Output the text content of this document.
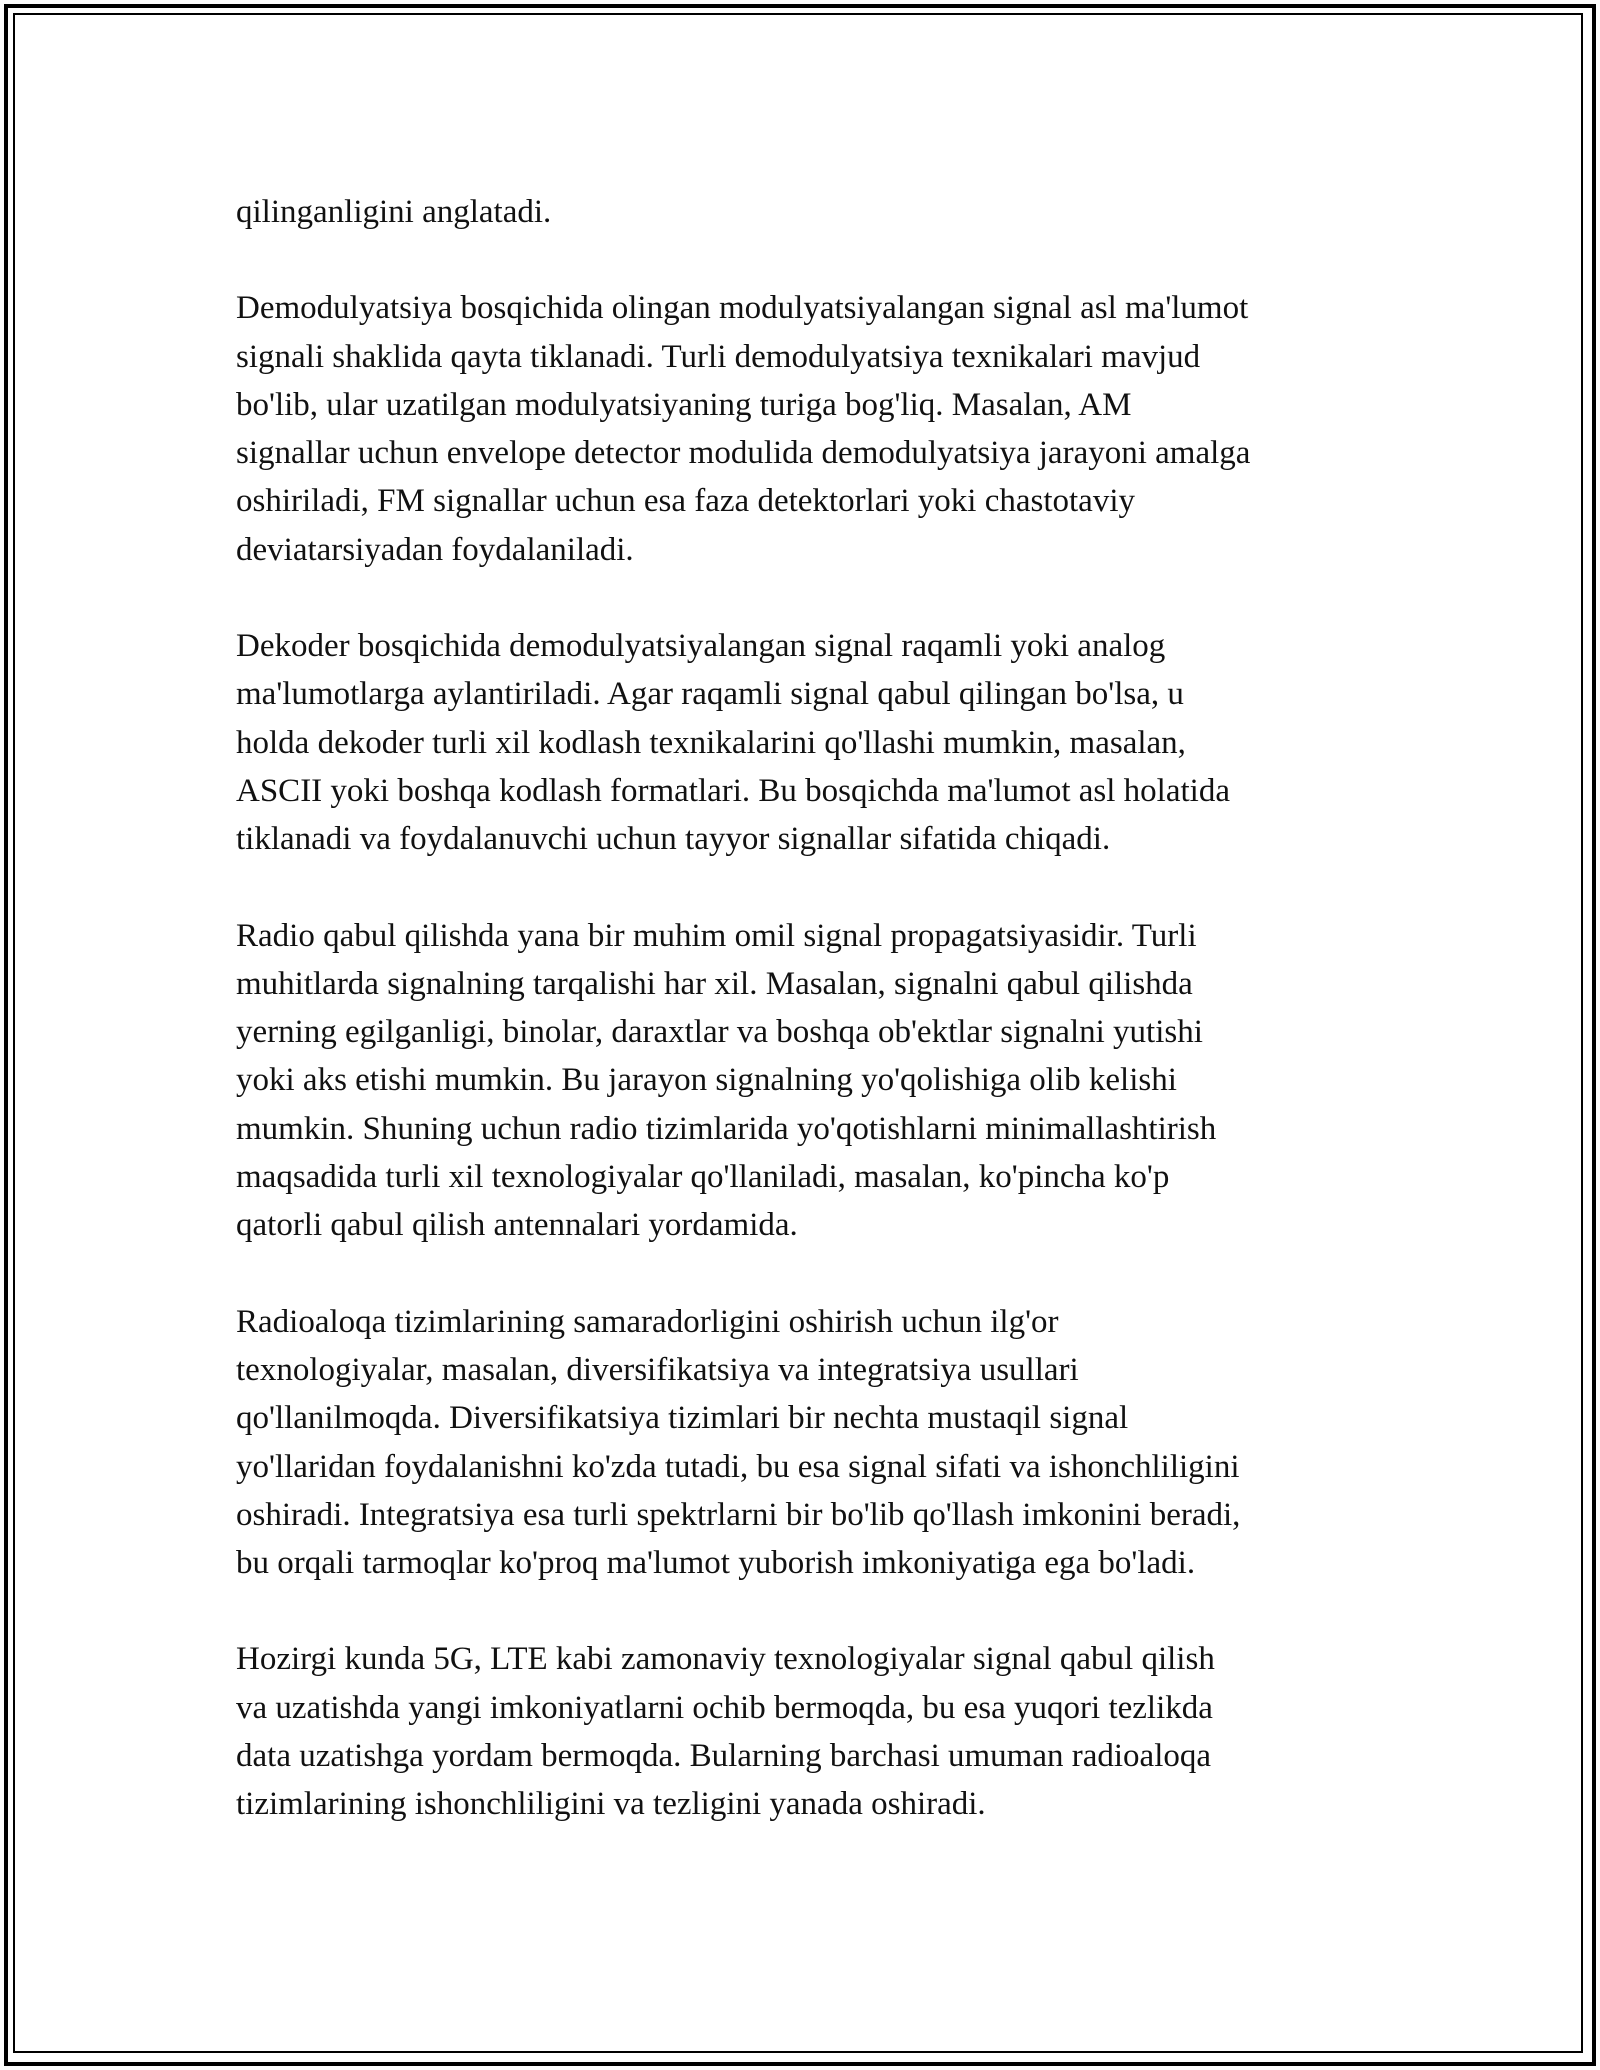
qilinganligini anglatadi.

Demodulyatsiya bosqichida olingan modulyatsiyalangan signal asl ma'lumot
signali shaklida qayta tiklanadi. Turli demodulyatsiya texnikalari mavjud
bo'lib, ular uzatilgan modulyatsiyaning turiga bog'liq. Masalan, AM
signallar uchun envelope detector modulida demodulyatsiya jarayoni amalga
oshiriladi, FM signallar uchun esa faza detektorlari yoki chastotaviy
deviatarsiyadan foydalaniladi.

Dekoder bosqichida demodulyatsiyalangan signal raqamli yoki analog
ma'lumotlarga aylantiriladi. Agar raqamli signal qabul qilingan bo'lsa, u
holda dekoder turli xil kodlash texnikalarini qo'llashi mumkin, masalan,
ASCII yoki boshqa kodlash formatlari. Bu bosqichda ma'lumot asl holatida
tiklanadi va foydalanuvchi uchun tayyor signallar sifatida chiqadi.

Radio qabul qilishda yana bir muhim omil signal propagatsiyasidir. Turli
muhitlarda signalning tarqalishi har xil. Masalan, signalni qabul qilishda
yerning egilganligi, binolar, daraxtlar va boshqa ob'ektlar signalni yutishi
yoki aks etishi mumkin. Bu jarayon signalning yo'qolishiga olib kelishi
mumkin. Shuning uchun radio tizimlarida yo'qotishlarni minimallashtirish
maqsadida turli xil texnologiyalar qo'llaniladi, masalan, ko'pincha ko'p
qatorli qabul qilish antennalari yordamida.

Radioaloqa tizimlarining samaradorligini oshirish uchun ilg'or
texnologiyalar, masalan, diversifikatsiya va integratsiya usullari
qo'llanilmoqda. Diversifikatsiya tizimlari bir nechta mustaqil signal
yo'llaridan foydalanishni ko'zda tutadi, bu esa signal sifati va ishonchliligini
oshiradi. Integratsiya esa turli spektrlarni bir bo'lib qo'llash imkonini beradi,
bu orqali tarmoqlar ko'proq ma'lumot yuborish imkoniyatiga ega bo'ladi.

Hozirgi kunda 5G, LTE kabi zamonaviy texnologiyalar signal qabul qilish
va uzatishda yangi imkoniyatlarni ochib bermoqda, bu esa yuqori tezlikda
data uzatishga yordam bermoqda. Bularning barchasi umuman radioaloqa
tizimlarining ishonchliligini va tezligini yanada oshiradi.
